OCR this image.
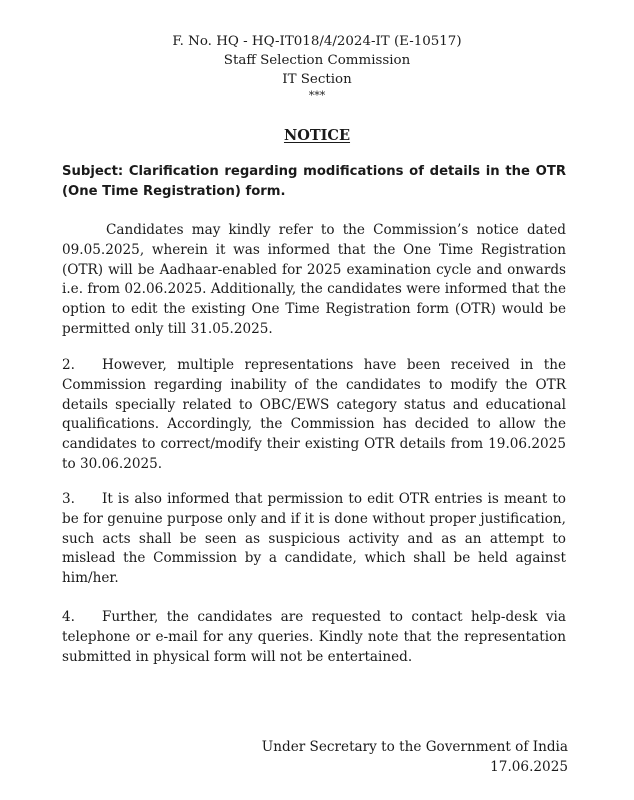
F. No. HQ - HQ-IT018/4/2024-IT (E-10517)
Staff Selection Commission
IT Section
***
NOTICE
Subject: Clarification regarding modifications of details in the OTR (One Time Registration) form.
Candidates may kindly refer to the Commission’s notice dated 09.05.2025, wherein it was informed that the One Time Registration (OTR) will be Aadhaar-enabled for 2025 examination cycle and onwards i.e. from 02.06.2025. Additionally, the candidates were informed that the option to edit the existing One Time Registration form (OTR) would be permitted only till 31.05.2025.
2. However, multiple representations have been received in the Commission regarding inability of the candidates to modify the OTR details specially related to OBC/EWS category status and educational qualifications. Accordingly, the Commission has decided to allow the candidates to correct/modify their existing OTR details from 19.06.2025 to 30.06.2025.
3. It is also informed that permission to edit OTR entries is meant to be for genuine purpose only and if it is done without proper justification, such acts shall be seen as suspicious activity and as an attempt to mislead the Commission by a candidate, which shall be held against him/her.
4. Further, the candidates are requested to contact help-desk via telephone or e-mail for any queries. Kindly note that the representation submitted in physical form will not be entertained.
Under Secretary to the Government of India
17.06.2025
